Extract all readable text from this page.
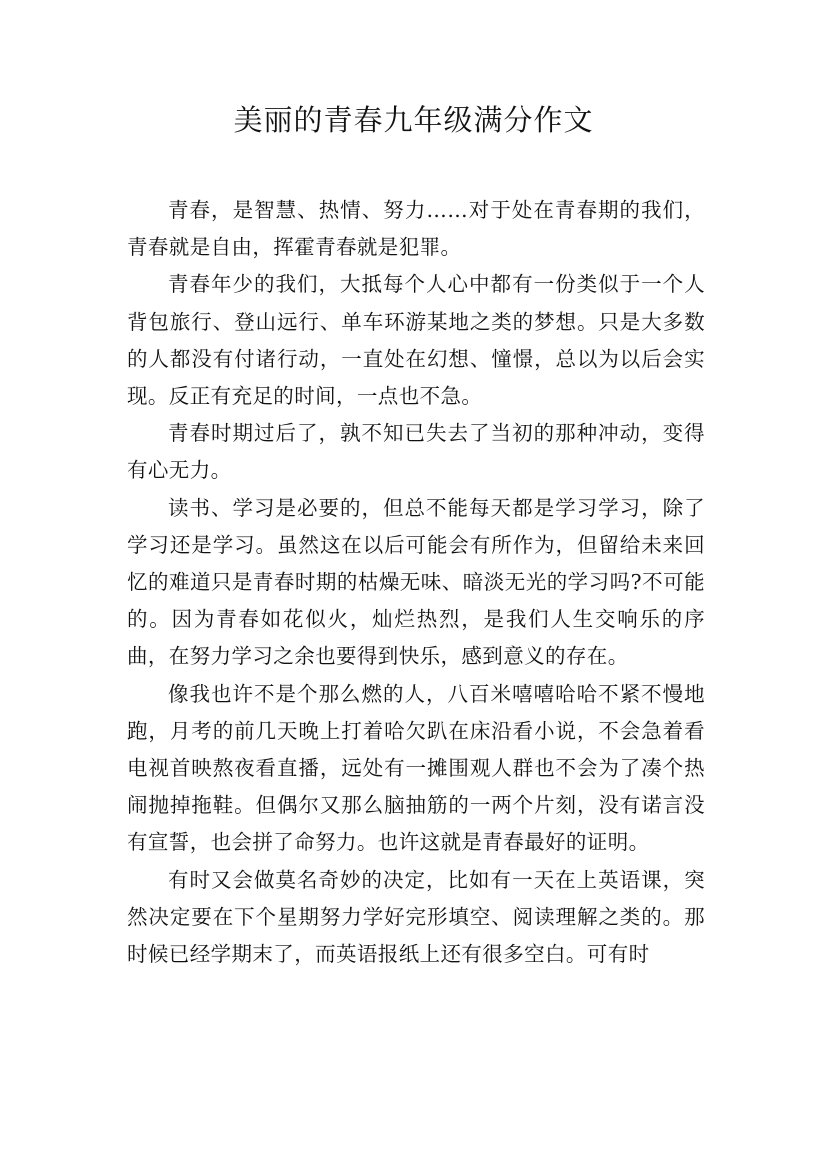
美丽的青春九年级满分作文

青春，是智慧、热情、努力……对于处在青春期的我们，青春就是自由，挥霍青春就是犯罪。

青春年少的我们，大抵每个人心中都有一份类似于一个人背包旅行、登山远行、单车环游某地之类的梦想。只是大多数的人都没有付诸行动，一直处在幻想、憧憬，总以为以后会实现。反正有充足的时间，一点也不急。

青春时期过后了，孰不知已失去了当初的那种冲动，变得有心无力。

读书、学习是必要的，但总不能每天都是学习学习，除了学习还是学习。虽然这在以后可能会有所作为，但留给未来回忆的难道只是青春时期的枯燥无味、暗淡无光的学习吗?不可能的。因为青春如花似火，灿烂热烈，是我们人生交响乐的序曲，在努力学习之余也要得到快乐，感到意义的存在。

像我也许不是个那么燃的人，八百米嘻嘻哈哈不紧不慢地跑，月考的前几天晚上打着哈欠趴在床沿看小说，不会急着看电视首映熬夜看直播，远处有一摊围观人群也不会为了凑个热闹抛掉拖鞋。但偶尔又那么脑抽筋的一两个片刻，没有诺言没有宣誓，也会拼了命努力。也许这就是青春最好的证明。

有时又会做莫名奇妙的决定，比如有一天在上英语课，突然决定要在下个星期努力学好完形填空、阅读理解之类的。那时候已经学期末了，而英语报纸上还有很多空白。可有时
